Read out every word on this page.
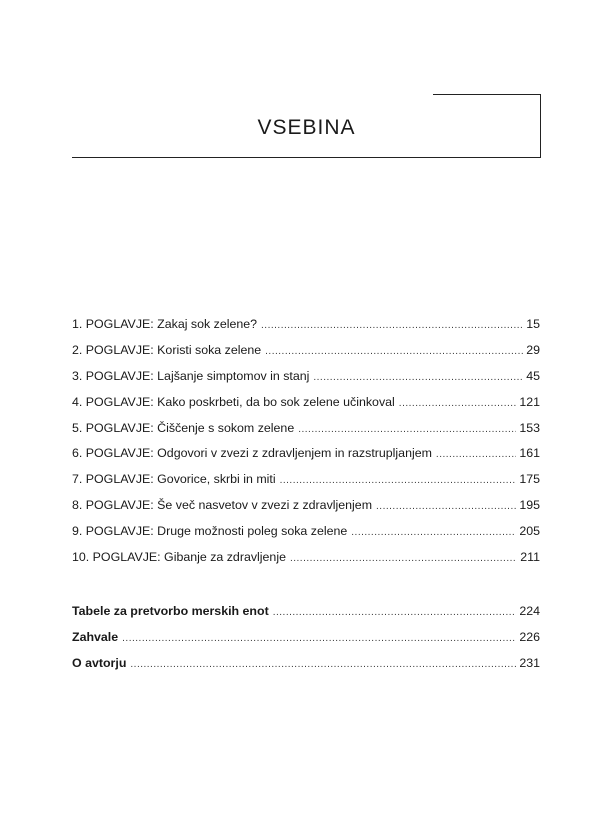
VSEBINA
1. POGLAVJE: Zakaj sok zelene? .....	15
2. POGLAVJE: Koristi soka zelene .....	29
3. POGLAVJE: Lajšanje simptomov in stanj .....	45
4. POGLAVJE: Kako poskrbeti, da bo sok zelene učinkoval .....	121
5. POGLAVJE: Čiščenje s sokom zelene .....	153
6. POGLAVJE: Odgovori v zvezi z zdravljenjem in razstrupljanjem .....	161
7. POGLAVJE: Govorice, skrbi in miti .....	175
8. POGLAVJE: Še več nasvetov v zvezi z zdravljenjem .....	195
9. POGLAVJE: Druge možnosti poleg soka zelene .....	205
10. POGLAVJE: Gibanje za zdravljenje .....	211
Tabele za pretvorbo merskih enot .....	224
Zahvale .....	226
O avtorju .....	231
